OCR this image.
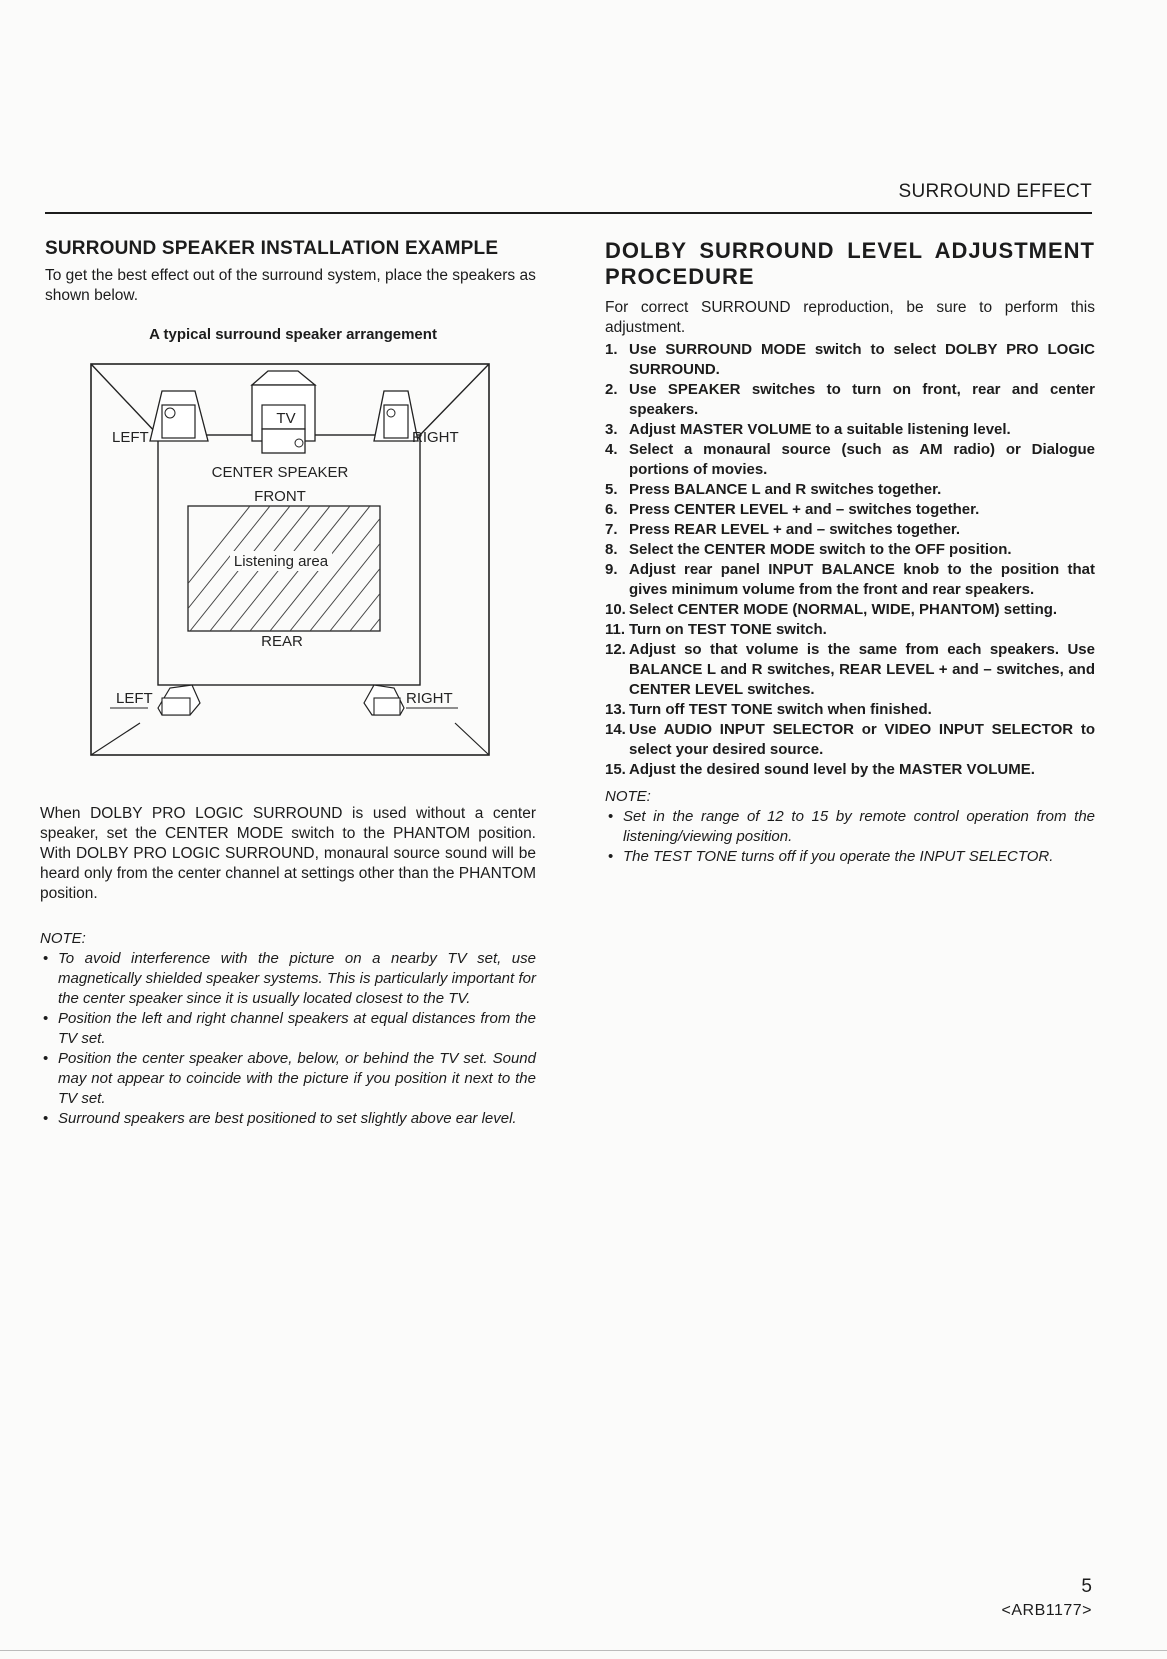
SURROUND EFFECT
SURROUND SPEAKER INSTALLATION EXAMPLE

To get the best effect out of the surround system, place the speakers as shown below.

A typical surround speaker arrangement
TV
LEFT	RIGHT
CENTER SPEAKER
FRONT
Listening area
REAR
LEFT	RIGHT

When DOLBY PRO LOGIC SURROUND is used without a center speaker, set the CENTER MODE switch to the PHANTOM position. With DOLBY PRO LOGIC SURROUND, monaural source sound will be heard only from the center channel at settings other than the PHANTOM position.

NOTE:
• To avoid interference with the picture on a nearby TV set, use magnetically shielded speaker systems. This is particularly important for the center speaker since it is usually located closest to the TV.
• Position the left and right channel speakers at equal distances from the TV set.
• Position the center speaker above, below, or behind the TV set. Sound may not appear to coincide with the picture if you position it next to the TV set.
• Surround speakers are best positioned to set slightly above ear level.
DOLBY SURROUND LEVEL ADJUSTMENT PROCEDURE

For correct SURROUND reproduction, be sure to perform this adjustment.

1. Use SURROUND MODE switch to select DOLBY PRO LOGIC SURROUND.
2. Use SPEAKER switches to turn on front, rear and center speakers.
3. Adjust MASTER VOLUME to a suitable listening level.
4. Select a monaural source (such as AM radio) or Dialogue portions of movies.
5. Press BALANCE L and R switches together.
6. Press CENTER LEVEL + and – switches together.
7. Press REAR LEVEL + and – switches together.
8. Select the CENTER MODE switch to the OFF position.
9. Adjust rear panel INPUT BALANCE knob to the position that gives minimum volume from the front and rear speakers.
10. Select CENTER MODE (NORMAL, WIDE, PHANTOM) setting.
11. Turn on TEST TONE switch.
12. Adjust so that volume is the same from each speakers. Use BALANCE L and R switches, REAR LEVEL + and – switches, and CENTER LEVEL switches.
13. Turn off TEST TONE switch when finished.
14. Use AUDIO INPUT SELECTOR or VIDEO INPUT SELECTOR to select your desired source.
15. Adjust the desired sound level by the MASTER VOLUME.
NOTE:
• Set in the range of 12 to 15 by remote control operation from the listening/viewing position.
• The TEST TONE turns off if you operate the INPUT SELECTOR.
5
<ARB1177>
